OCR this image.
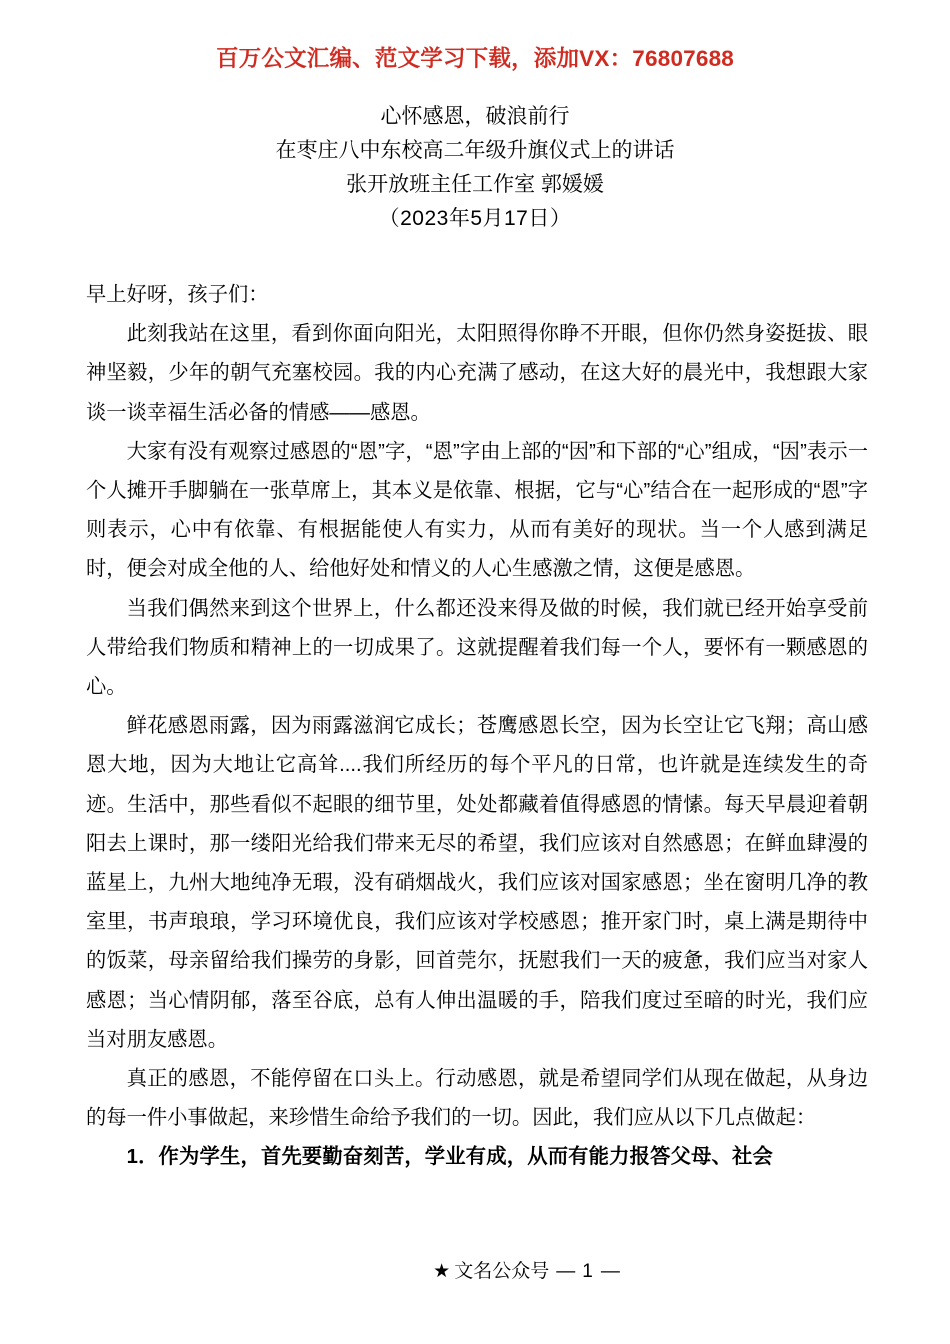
百万公文汇编、范文学习下载，添加VX：76807688
心怀感恩，破浪前行
在枣庄八中东校高二年级升旗仪式上的讲话
张开放班主任工作室 郭媛媛
（2023年5月17日）

早上好呀，孩子们：

此刻我站在这里，看到你面向阳光，太阳照得你睁不开眼，但你仍然身姿挺拔、眼神坚毅，少年的朝气充塞校园。我的内心充满了感动，在这大好的晨光中，我想跟大家谈一谈幸福生活必备的情感——感恩。

大家有没有观察过感恩的“恩”字，“恩”字由上部的“因”和下部的“心”组成，“因”表示一个人摊开手脚躺在一张草席上，其本义是依靠、根据，它与“心”结合在一起形成的“恩”字则表示，心中有依靠、有根据能使人有实力，从而有美好的现状。当一个人感到满足时，便会对成全他的人、给他好处和情义的人心生感激之情，这便是感恩。

当我们偶然来到这个世界上，什么都还没来得及做的时候，我们就已经开始享受前人带给我们物质和精神上的一切成果了。这就提醒着我们每一个人，要怀有一颗感恩的心。

鲜花感恩雨露，因为雨露滋润它成长；苍鹰感恩长空，因为长空让它飞翔；高山感恩大地，因为大地让它高耸....我们所经历的每个平凡的日常，也许就是连续发生的奇迹。生活中，那些看似不起眼的细节里，处处都藏着值得感恩的情愫。每天早晨迎着朝阳去上课时，那一缕阳光给我们带来无尽的希望，我们应该对自然感恩；在鲜血肆漫的蓝星上，九州大地纯净无瑕，没有硝烟战火，我们应该对国家感恩；坐在窗明几净的教室里，书声琅琅，学习环境优良，我们应该对学校感恩；推开家门时，桌上满是期待中的饭菜，母亲留给我们操劳的身影，回首莞尔，抚慰我们一天的疲惫，我们应当对家人感恩；当心情阴郁，落至谷底，总有人伸出温暖的手，陪我们度过至暗的时光，我们应当对朋友感恩。

真正的感恩，不能停留在口头上。行动感恩，就是希望同学们从现在做起，从身边的每一件小事做起，来珍惜生命给予我们的一切。因此，我们应从以下几点做起：

1．作为学生，首先要勤奋刻苦，学业有成，从而有能力报答父母、社会

★ 文名公众号 — 1 —
